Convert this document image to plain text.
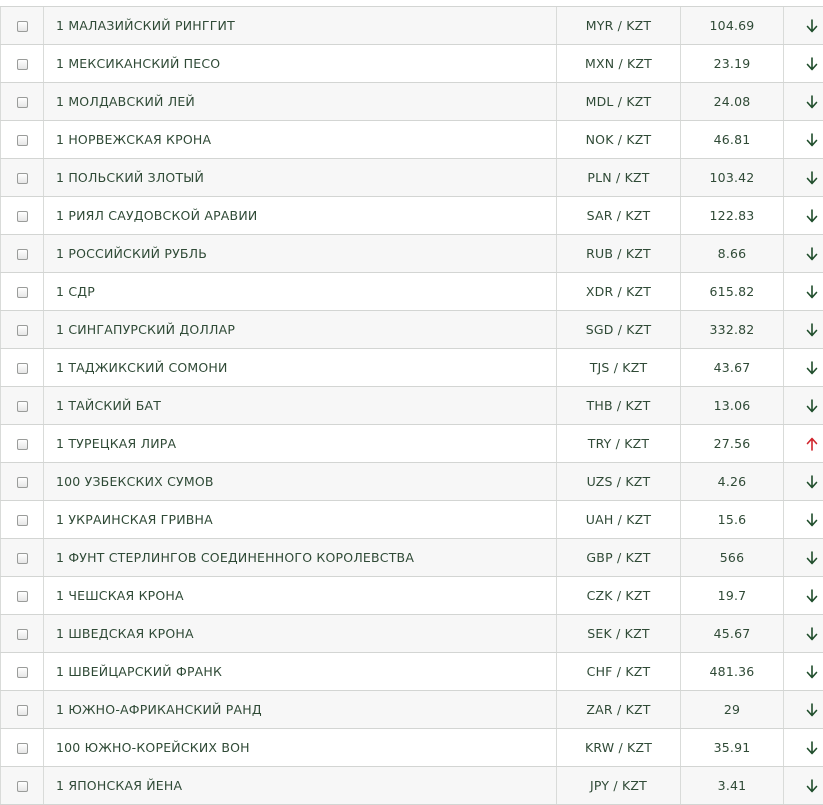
	1 МАЛАЗИЙСКИЙ РИНГГИТ	MYR / KZT	104.69	

	1 МЕКСИКАНСКИЙ ПЕСО	MXN / KZT	23.19	

	1 МОЛДАВСКИЙ ЛЕЙ	MDL / KZT	24.08	

	1 НОРВЕЖСКАЯ КРОНА	NOK / KZT	46.81	

	1 ПОЛЬСКИЙ ЗЛОТЫЙ	PLN / KZT	103.42	

	1 РИЯЛ САУДОВСКОЙ АРАВИИ	SAR / KZT	122.83	

	1 РОССИЙСКИЙ РУБЛЬ	RUB / KZT	8.66	

	1 СДР	XDR / KZT	615.82	

	1 СИНГАПУРСКИЙ ДОЛЛАР	SGD / KZT	332.82	

	1 ТАДЖИКСКИЙ СОМОНИ	TJS / KZT	43.67	

	1 ТАЙСКИЙ БАТ	THB / KZT	13.06	

	1 ТУРЕЦКАЯ ЛИРА	TRY / KZT	27.56	

	100 УЗБЕКСКИХ СУМОВ	UZS / KZT	4.26	

	1 УКРАИНСКАЯ ГРИВНА	UAH / KZT	15.6	

	1 ФУНТ СТЕРЛИНГОВ СОЕДИНЕННОГО КОРОЛЕВСТВА	GBP / KZT	566	

	1 ЧЕШСКАЯ КРОНА	CZK / KZT	19.7	

	1 ШВЕДСКАЯ КРОНА	SEK / KZT	45.67	

	1 ШВЕЙЦАРСКИЙ ФРАНК	CHF / KZT	481.36	

	1 ЮЖНО-АФРИКАНСКИЙ РАНД	ZAR / KZT	29	

	100 ЮЖНО-КОРЕЙСКИХ ВОН	KRW / KZT	35.91	

	1 ЯПОНСКАЯ ЙЕНА	JPY / KZT	3.41	
